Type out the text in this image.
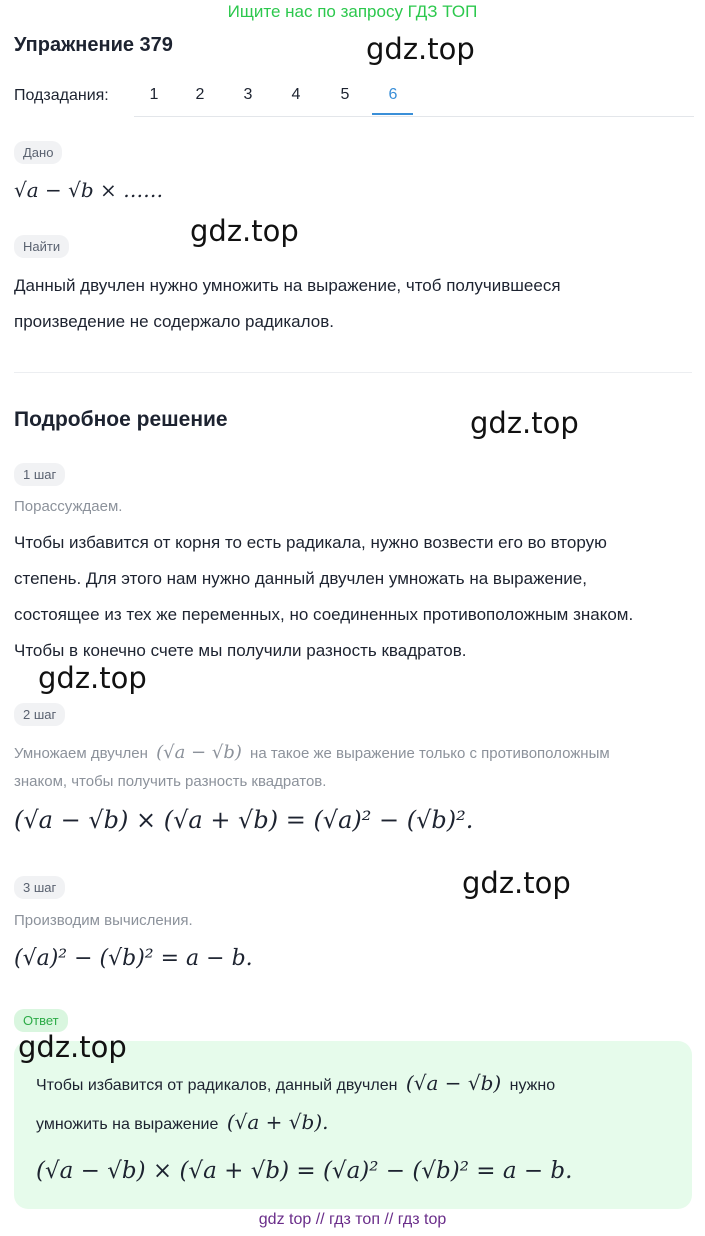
Ищите нас по запросу ГДЗ ТОП
Упражнение 379	gdz.top
Подзадания:	1	2	3	4	5	6
Дано
√a − √b × ……
Найти	gdz.top
Данный двучлен нужно умножить на выражение, чтоб получившееся
произведение не содержало радикалов.
Подробное решение	gdz.top
1 шаг
Порассуждаем.
Чтобы избавится от корня то есть радикала, нужно возвести его во вторую
степень. Для этого нам нужно данный двучлен умножать на выражение,
состоящее из тех же переменных, но соединенных противоположным знаком.
Чтобы в конечно счете мы получили разность квадратов.
gdz.top
2 шаг
Умножаем двучлен (√a − √b) на такое же выражение только с противоположным
знаком, чтобы получить разность квадратов.
(√a − √b) × (√a + √b) = (√a)² − (√b)².
3 шаг	gdz.top
Производим вычисления.
(√a)² − (√b)² = a − b.
Ответ
gdz.top
Чтобы избавится от радикалов, данный двучлен (√a − √b) нужно
умножить на выражение (√a + √b).
(√a − √b) × (√a + √b) = (√a)² − (√b)² = a − b.
gdz top // гдз топ // гдз top
